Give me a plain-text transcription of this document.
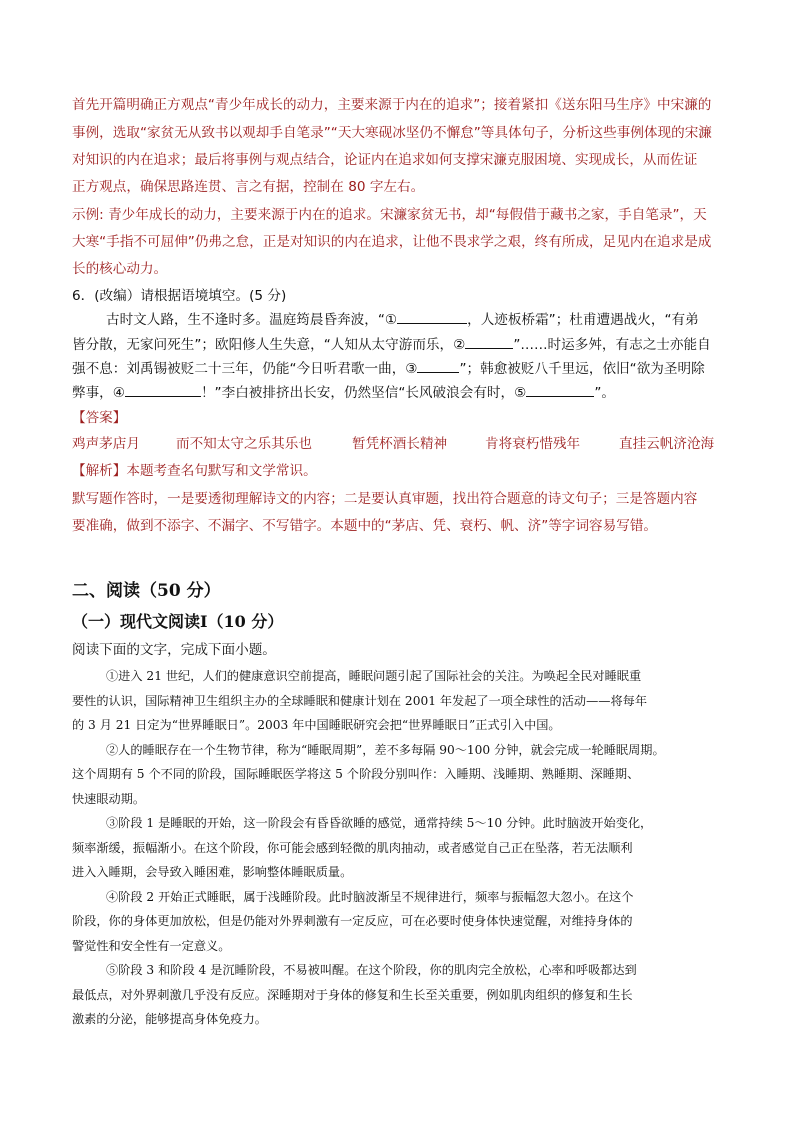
首先开篇明确正方观点“青少年成长的动力，主要来源于内在的追求”；接着紧扣《送东阳马生序》中宋濂的
事例，选取“家贫无从致书以观却手自笔录”“天大寒砚冰坚仍不懈怠”等具体句子，分析这些事例体现的宋濂
对知识的内在追求；最后将事例与观点结合，论证内在追求如何支撑宋濂克服困境、实现成长，从而佐证
正方观点，确保思路连贯、言之有据，控制在 80 字左右。
示例: 青少年成长的动力，主要来源于内在的追求。宋濂家贫无书，却“每假借于藏书之家，手自笔录”，天
大寒“手指不可屈伸”仍弗之怠，正是对知识的内在追求，让他不畏求学之艰，终有所成，足见内在追求是成
长的核心动力。
6．(改编）请根据语境填空。(5 分)
古时文人路，生不逢时多。温庭筠晨昏奔波，“①	，人迹板桥霜”；杜甫遭遇战火，“有弟
皆分散，无家问死生”；欧阳修人生失意，“人知从太守游而乐，②	”……时运多舛，有志之士亦能自
强不息：刘禹锡被贬二十三年，仍能“今日听君歌一曲，③	”；韩愈被贬八千里远，依旧“欲为圣明除
弊事，④	！”李白被排挤出长安，仍然坚信“长风破浪会有时，⑤	”。
【答案】
鸡声茅店月	而不知太守之乐其乐也	暂凭杯酒长精神	肯将衰朽惜残年	直挂云帆济沧海
【解析】本题考查名句默写和文学常识。
默写题作答时，一是要透彻理解诗文的内容；二是要认真审题，找出符合题意的诗文句子；三是答题内容
要准确，做到不添字、不漏字、不写错字。本题中的“茅店、凭、衰朽、帆、济”等字词容易写错。
二、阅读（50 分）
（一）现代文阅读Ⅰ（10 分）
阅读下面的文字，完成下面小题。
①进入 21 世纪，人们的健康意识空前提高，睡眠问题引起了国际社会的关注。为唤起全民对睡眠重
要性的认识，国际精神卫生组织主办的全球睡眠和健康计划在 2001 年发起了一项全球性的活动——将每年
的 3 月 21 日定为“世界睡眠日”。2003 年中国睡眠研究会把“世界睡眠日”正式引入中国。
②人的睡眠存在一个生物节律，称为“睡眠周期”，差不多每隔 90～100 分钟，就会完成一轮睡眠周期。
这个周期有 5 个不同的阶段，国际睡眠医学将这 5 个阶段分别叫作：入睡期、浅睡期、熟睡期、深睡期、
快速眼动期。
③阶段 1 是睡眠的开始，这一阶段会有昏昏欲睡的感觉，通常持续 5～10 分钟。此时脑波开始变化，
频率渐缓，振幅渐小。在这个阶段，你可能会感到轻微的肌肉抽动，或者感觉自己正在坠落，若无法顺利
进入入睡期，会导致入睡困难，影响整体睡眠质量。
④阶段 2 开始正式睡眠，属于浅睡阶段。此时脑波渐呈不规律进行，频率与振幅忽大忽小。在这个
阶段，你的身体更加放松，但是仍能对外界刺激有一定反应，可在必要时使身体快速觉醒，对维持身体的
警觉性和安全性有一定意义。
⑤阶段 3 和阶段 4 是沉睡阶段，不易被叫醒。在这个阶段，你的肌肉完全放松，心率和呼吸都达到
最低点，对外界刺激几乎没有反应。深睡期对于身体的修复和生长至关重要，例如肌肉组织的修复和生长
激素的分泌，能够提高身体免疫力。
